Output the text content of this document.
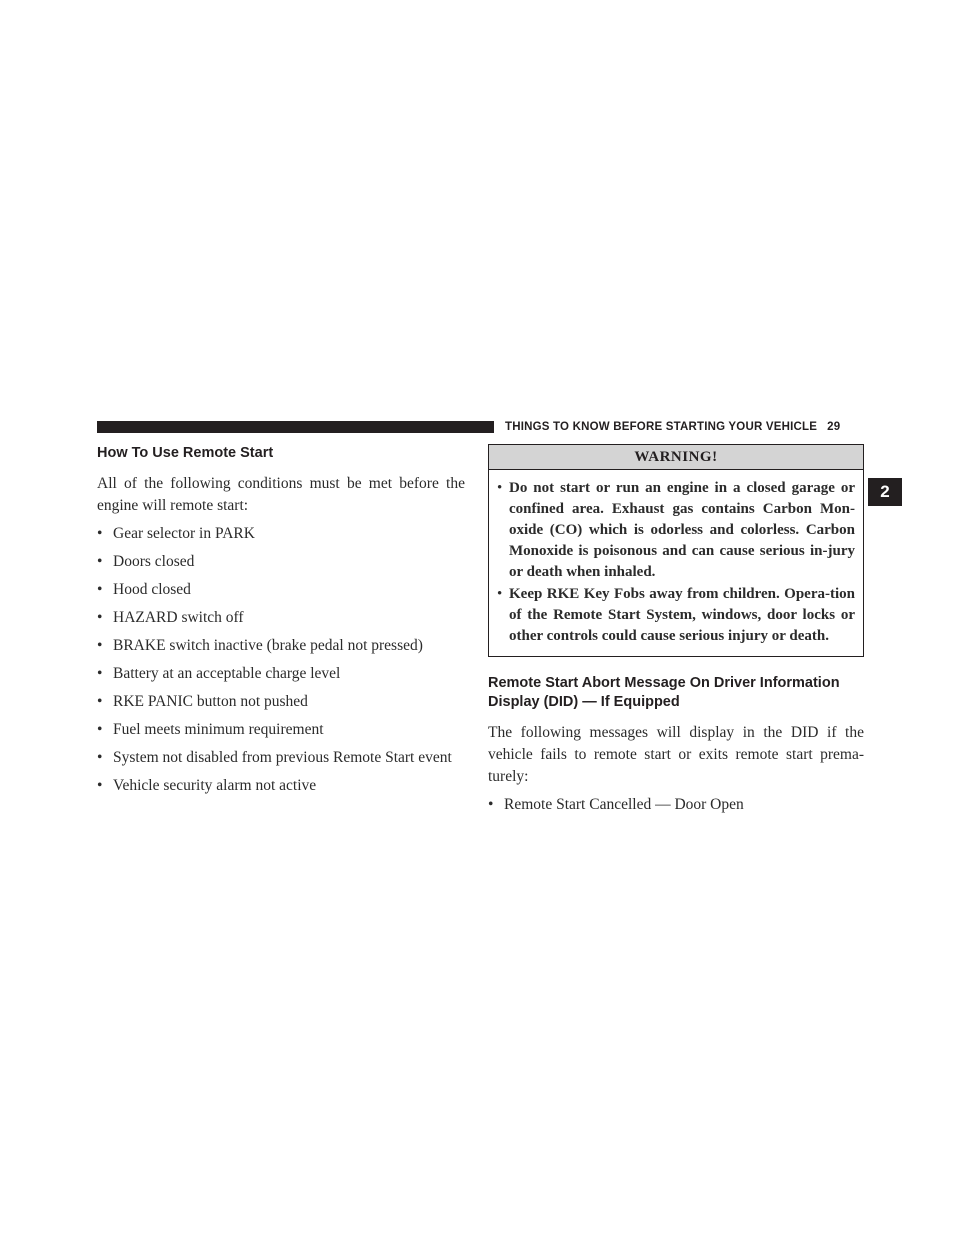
THINGS TO KNOW BEFORE STARTING YOUR VEHICLE 29
2
How To Use Remote Start

All of the following conditions must be met before the engine will remote start:

• Gear selector in PARK
• Doors closed
• Hood closed
• HAZARD switch off
• BRAKE switch inactive (brake pedal not pressed)
• Battery at an acceptable charge level
• RKE PANIC button not pushed
• Fuel meets minimum requirement
• System not disabled from previous Remote Start event
• Vehicle security alarm not active
WARNING!
• Do not start or run an engine in a closed garage or confined area. Exhaust gas contains Carbon Mon-oxide (CO) which is odorless and colorless. Carbon Monoxide is poisonous and can cause serious in-jury or death when inhaled.
• Keep RKE Key Fobs away from children. Opera-tion of the Remote Start System, windows, door locks or other controls could cause serious injury or death.
Remote Start Abort Message On Driver Information Display (DID) — If Equipped

The following messages will display in the DID if the vehicle fails to remote start or exits remote start prema-turely:

• Remote Start Cancelled — Door Open
